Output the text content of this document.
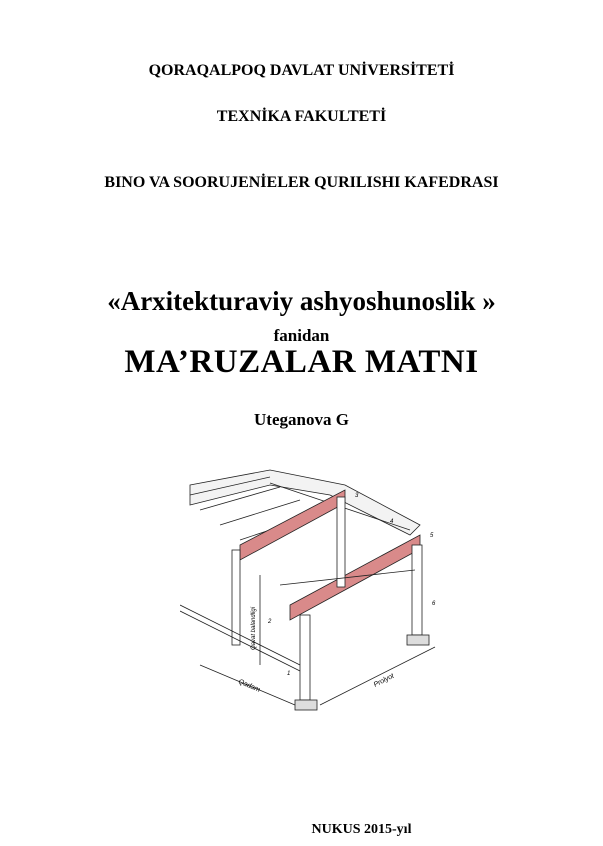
QORAQALPOQ DAVLAT UNİVERSİTETİ
TEXNİKA FAKULTETİ
BINO VA SOORUJENİELER QURILISHI KAFEDRASI
«Arxitekturaviy ashyoshunoslik »
fanidan
MA’RUZALAR MATNI
Uteganova G
1
2
3
4
5
6
Qavat balandligi
Qadam	Prolyot
NUKUS 2015-yıl
